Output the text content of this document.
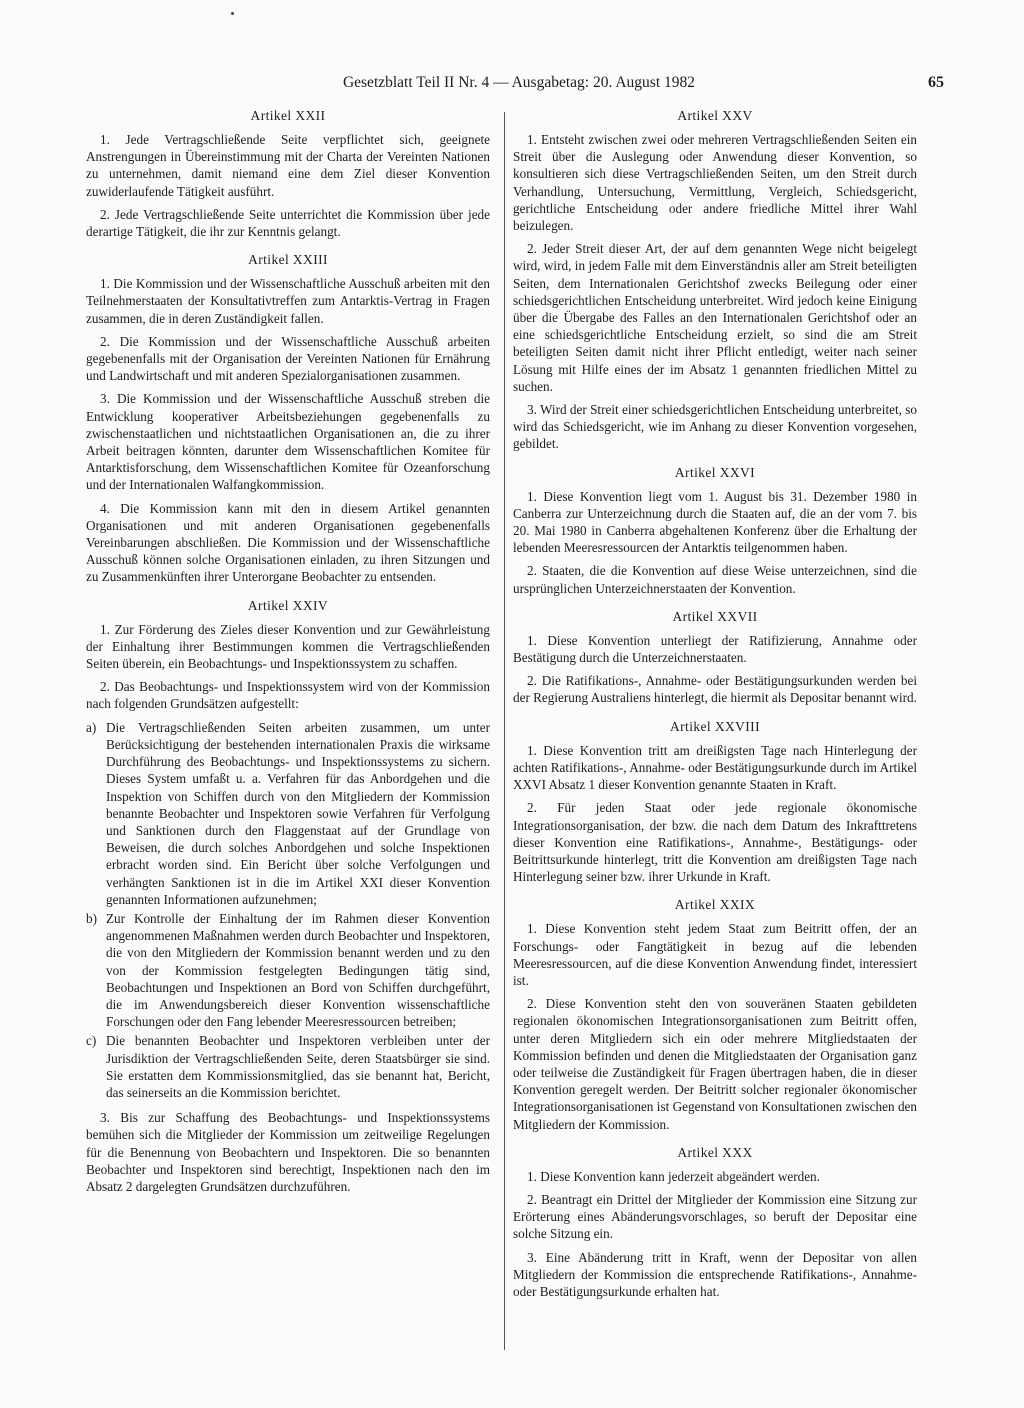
Gesetzblatt Teil II Nr. 4 — Ausgabetag: 20. August 1982	65
Artikel XXII

1. Jede Vertragschließende Seite verpflichtet sich, geeignete Anstrengungen in Übereinstimmung mit der Charta der Vereinten Nationen zu unternehmen, damit niemand eine dem Ziel dieser Konvention zuwiderlaufende Tätigkeit ausführt.

2. Jede Vertragschließende Seite unterrichtet die Kommission über jede derartige Tätigkeit, die ihr zur Kenntnis gelangt.

Artikel XXIII

1. Die Kommission und der Wissenschaftliche Ausschuß arbeiten mit den Teilnehmerstaaten der Konsultativtreffen zum Antarktis-Vertrag in Fragen zusammen, die in deren Zuständigkeit fallen.

2. Die Kommission und der Wissenschaftliche Ausschuß arbeiten gegebenenfalls mit der Organisation der Vereinten Nationen für Ernährung und Landwirtschaft und mit anderen Spezialorganisationen zusammen.

3. Die Kommission und der Wissenschaftliche Ausschuß streben die Entwicklung kooperativer Arbeitsbeziehungen gegebenenfalls zu zwischenstaatlichen und nichtstaatlichen Organisationen an, die zu ihrer Arbeit beitragen könnten, darunter dem Wissenschaftlichen Komitee für Antarktisforschung, dem Wissenschaftlichen Komitee für Ozeanforschung und der Internationalen Walfangkommission.

4. Die Kommission kann mit den in diesem Artikel genannten Organisationen und mit anderen Organisationen gegebenenfalls Vereinbarungen abschließen. Die Kommission und der Wissenschaftliche Ausschuß können solche Organisationen einladen, zu ihren Sitzungen und zu Zusammenkünften ihrer Unterorgane Beobachter zu entsenden.

Artikel XXIV

1. Zur Förderung des Zieles dieser Konvention und zur Gewährleistung der Einhaltung ihrer Bestimmungen kommen die Vertragschließenden Seiten überein, ein Beobachtungs- und Inspektionssystem zu schaffen.

2. Das Beobachtungs- und Inspektionssystem wird von der Kommission nach folgenden Grundsätzen aufgestellt:

a) Die Vertragschließenden Seiten arbeiten zusammen, um unter Berücksichtigung der bestehenden internationalen Praxis die wirksame Durchführung des Beobachtungs- und Inspektionssystems zu sichern. Dieses System umfaßt u. a. Verfahren für das Anbordgehen und die Inspektion von Schiffen durch von den Mitgliedern der Kommission benannte Beobachter und Inspektoren sowie Verfahren für Verfolgung und Sanktionen durch den Flaggenstaat auf der Grundlage von Beweisen, die durch solches Anbordgehen und solche Inspektionen erbracht worden sind. Ein Bericht über solche Verfolgungen und verhängten Sanktionen ist in die im Artikel XXI dieser Konvention genannten Informationen aufzunehmen;
b) Zur Kontrolle der Einhaltung der im Rahmen dieser Konvention angenommenen Maßnahmen werden durch Beobachter und Inspektoren, die von den Mitgliedern der Kommission benannt werden und zu den von der Kommission festgelegten Bedingungen tätig sind, Beobachtungen und Inspektionen an Bord von Schiffen durchgeführt, die im Anwendungsbereich dieser Konvention wissenschaftliche Forschungen oder den Fang lebender Meeresressourcen betreiben;
c) Die benannten Beobachter und Inspektoren verbleiben unter der Jurisdiktion der Vertragschließenden Seite, deren Staatsbürger sie sind. Sie erstatten dem Kommissionsmitglied, das sie benannt hat, Bericht, das seinerseits an die Kommission berichtet.

3. Bis zur Schaffung des Beobachtungs- und Inspektionssystems bemühen sich die Mitglieder der Kommission um zeitweilige Regelungen für die Benennung von Beobachtern und Inspektoren. Die so benannten Beobachter und Inspektoren sind berechtigt, Inspektionen nach den im Absatz 2 dargelegten Grundsätzen durchzuführen.

Artikel XXV

1. Entsteht zwischen zwei oder mehreren Vertragschließenden Seiten ein Streit über die Auslegung oder Anwendung dieser Konvention, so konsultieren sich diese Vertragschließenden Seiten, um den Streit durch Verhandlung, Untersuchung, Vermittlung, Vergleich, Schiedsgericht, gerichtliche Entscheidung oder andere friedliche Mittel ihrer Wahl beizulegen.

2. Jeder Streit dieser Art, der auf dem genannten Wege nicht beigelegt wird, wird, in jedem Falle mit dem Einverständnis aller am Streit beteiligten Seiten, dem Internationalen Gerichtshof zwecks Beilegung oder einer schiedsgerichtlichen Entscheidung unterbreitet. Wird jedoch keine Einigung über die Übergabe des Falles an den Internationalen Gerichtshof oder an eine schiedsgerichtliche Entscheidung erzielt, so sind die am Streit beteiligten Seiten damit nicht ihrer Pflicht entledigt, weiter nach seiner Lösung mit Hilfe eines der im Absatz 1 genannten friedlichen Mittel zu suchen.

3. Wird der Streit einer schiedsgerichtlichen Entscheidung unterbreitet, so wird das Schiedsgericht, wie im Anhang zu dieser Konvention vorgesehen, gebildet.

Artikel XXVI

1. Diese Konvention liegt vom 1. August bis 31. Dezember 1980 in Canberra zur Unterzeichnung durch die Staaten auf, die an der vom 7. bis 20. Mai 1980 in Canberra abgehaltenen Konferenz über die Erhaltung der lebenden Meeresressourcen der Antarktis teilgenommen haben.

2. Staaten, die die Konvention auf diese Weise unterzeichnen, sind die ursprünglichen Unterzeichnerstaaten der Konvention.

Artikel XXVII

1. Diese Konvention unterliegt der Ratifizierung, Annahme oder Bestätigung durch die Unterzeichnerstaaten.

2. Die Ratifikations-, Annahme- oder Bestätigungsurkunden werden bei der Regierung Australiens hinterlegt, die hiermit als Depositar benannt wird.

Artikel XXVIII

1. Diese Konvention tritt am dreißigsten Tage nach Hinterlegung der achten Ratifikations-, Annahme- oder Bestätigungsurkunde durch im Artikel XXVI Absatz 1 dieser Konvention genannte Staaten in Kraft.

2. Für jeden Staat oder jede regionale ökonomische Integrationsorganisation, der bzw. die nach dem Datum des Inkrafttretens dieser Konvention eine Ratifikations-, Annahme-, Bestätigungs- oder Beitrittsurkunde hinterlegt, tritt die Konvention am dreißigsten Tage nach Hinterlegung seiner bzw. ihrer Urkunde in Kraft.

Artikel XXIX

1. Diese Konvention steht jedem Staat zum Beitritt offen, der an Forschungs- oder Fangtätigkeit in bezug auf die lebenden Meeresressourcen, auf die diese Konvention Anwendung findet, interessiert ist.

2. Diese Konvention steht den von souveränen Staaten gebildeten regionalen ökonomischen Integrationsorganisationen zum Beitritt offen, unter deren Mitgliedern sich ein oder mehrere Mitgliedstaaten der Kommission befinden und denen die Mitgliedstaaten der Organisation ganz oder teilweise die Zuständigkeit für Fragen übertragen haben, die in dieser Konvention geregelt werden. Der Beitritt solcher regionaler ökonomischer Integrationsorganisationen ist Gegenstand von Konsultationen zwischen den Mitgliedern der Kommission.

Artikel XXX

1. Diese Konvention kann jederzeit abgeändert werden.

2. Beantragt ein Drittel der Mitglieder der Kommission eine Sitzung zur Erörterung eines Abänderungsvorschlages, so beruft der Depositar eine solche Sitzung ein.

3. Eine Abänderung tritt in Kraft, wenn der Depositar von allen Mitgliedern der Kommission die entsprechende Ratifikations-, Annahme- oder Bestätigungsurkunde erhalten hat.
